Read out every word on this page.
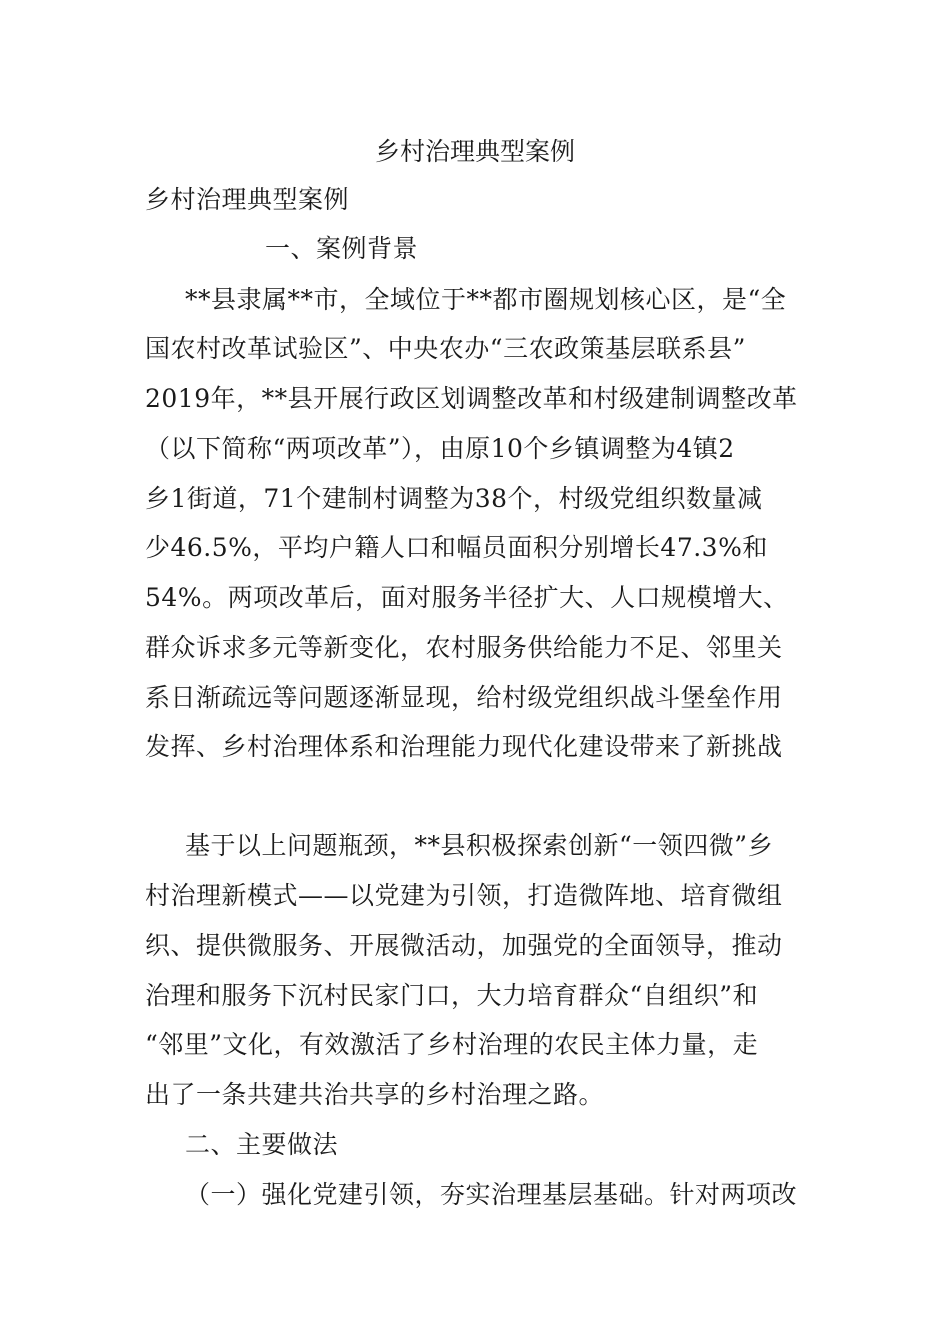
乡村治理典型案例
乡村治理典型案例
一、案例背景
**县隶属**市，全域位于**都市圈规划核心区，是“全
国农村改革试验区”、中央农办“三农政策基层联系县”
2019年，**县开展行政区划调整改革和村级建制调整改革
（以下简称“两项改革”），由原10个乡镇调整为4镇2
乡1街道，71个建制村调整为38个，村级党组织数量减
少46.5%，平均户籍人口和幅员面积分别增长47.3%和
54%。两项改革后，面对服务半径扩大、人口规模增大、
群众诉求多元等新变化，农村服务供给能力不足、邻里关
系日渐疏远等问题逐渐显现，给村级党组织战斗堡垒作用
发挥、乡村治理体系和治理能力现代化建设带来了新挑战
基于以上问题瓶颈，**县积极探索创新“一领四微”乡
村治理新模式——以党建为引领，打造微阵地、培育微组
织、提供微服务、开展微活动，加强党的全面领导，推动
治理和服务下沉村民家门口，大力培育群众“自组织”和
“邻里”文化，有效激活了乡村治理的农民主体力量，走
出了一条共建共治共享的乡村治理之路。
二、主要做法
（一）强化党建引领，夯实治理基层基础。针对两项改
